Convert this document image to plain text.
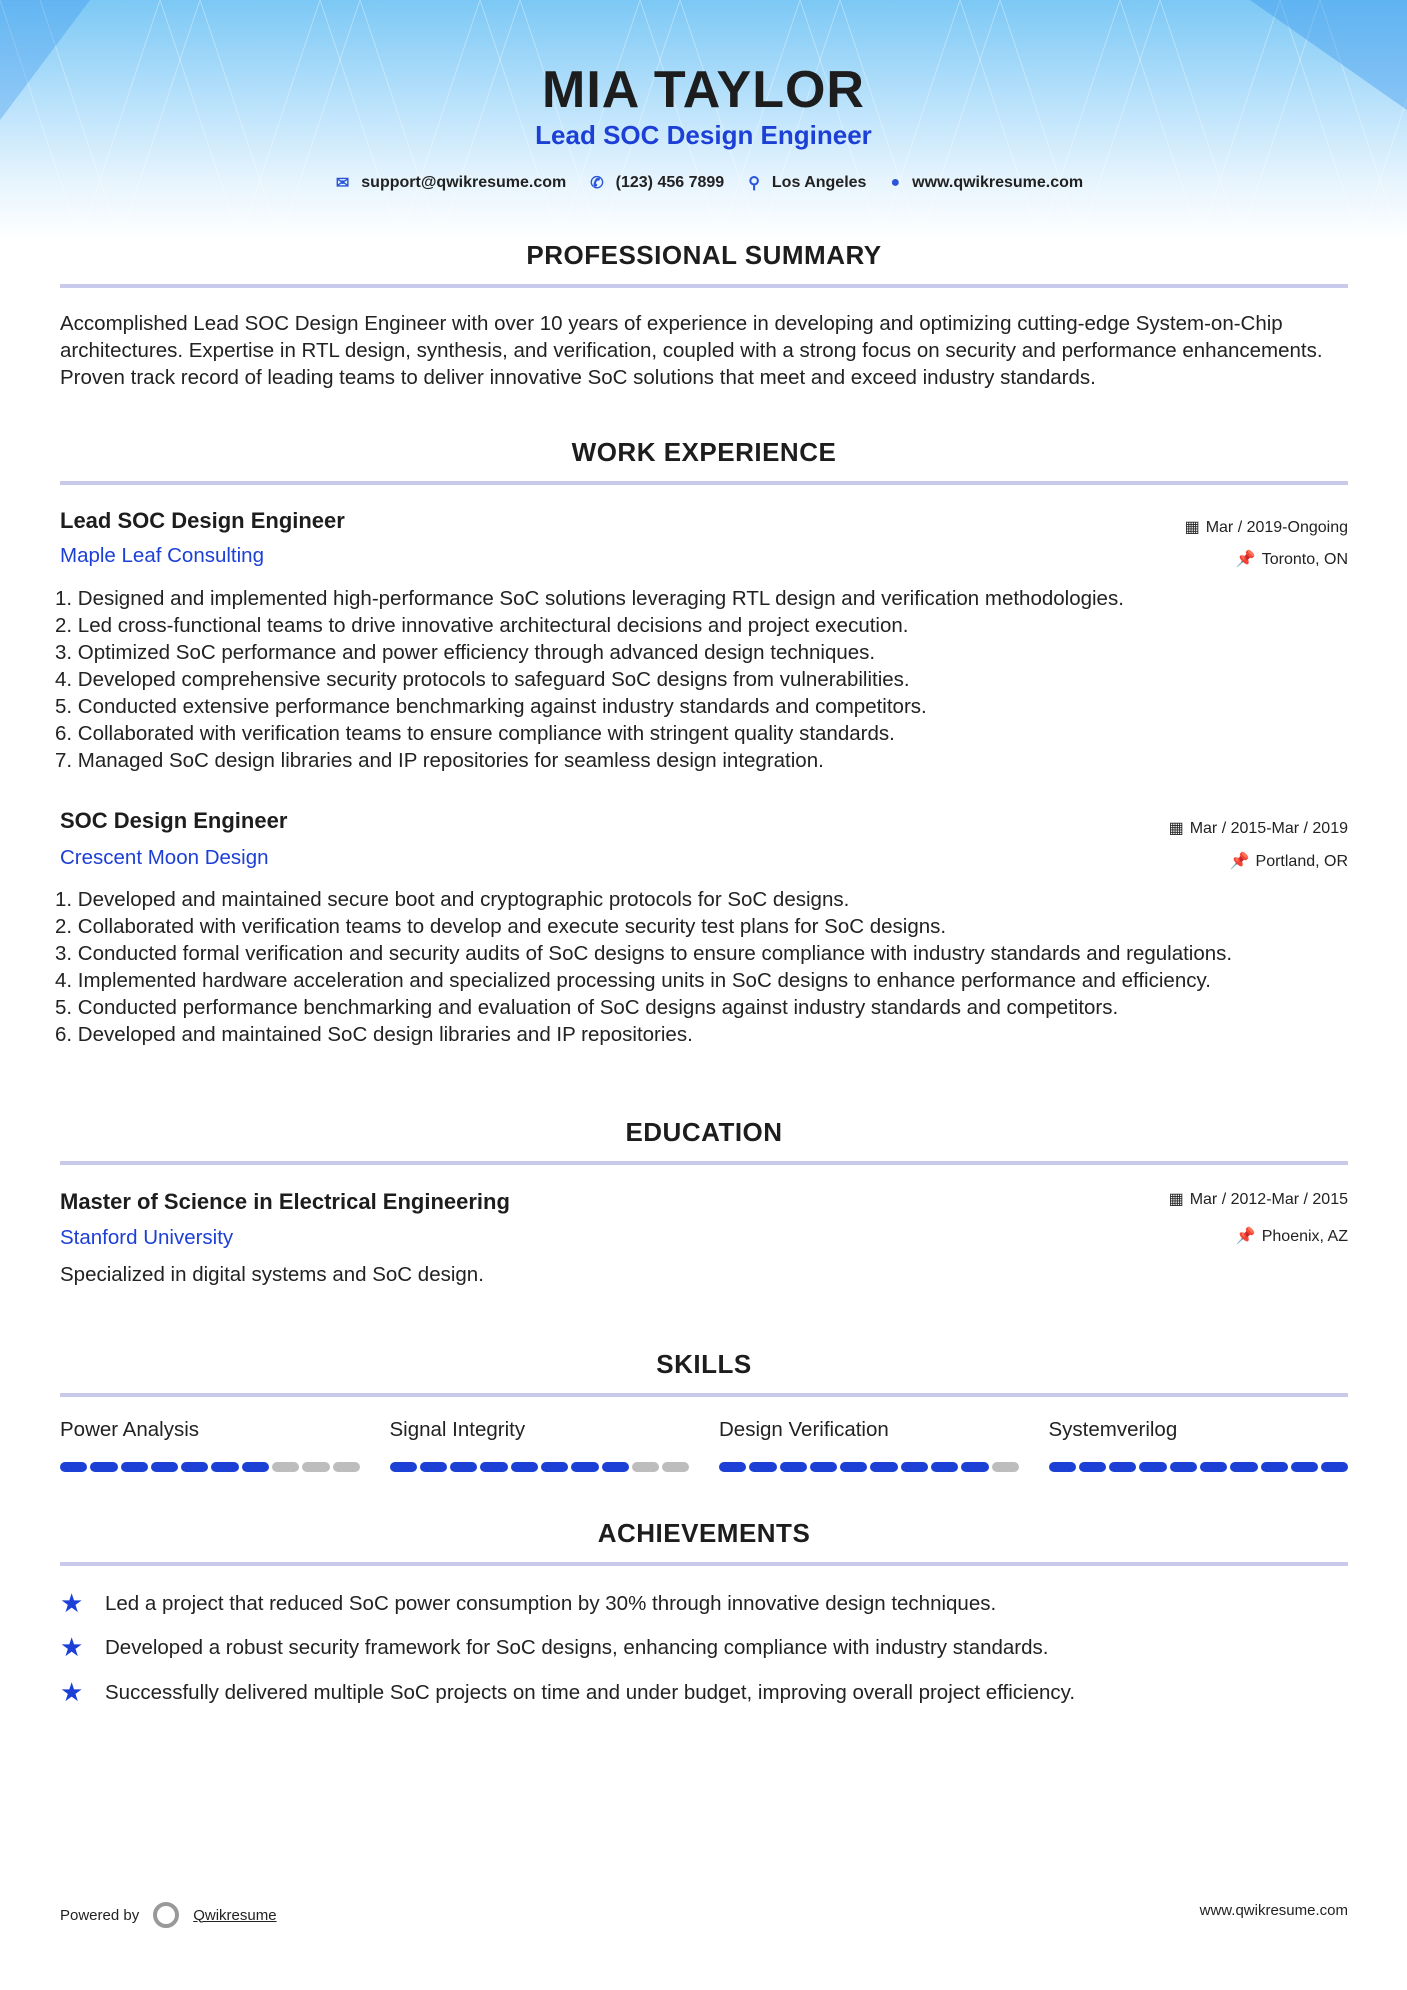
MIA TAYLOR
Lead SOC Design Engineer
✉ support@qwikresume.com ✆ (123) 456 7899 ⚲ Los Angeles ● www.qwikresume.com
PROFESSIONAL SUMMARY
Accomplished Lead SOC Design Engineer with over 10 years of experience in developing and optimizing cutting-edge System-on-Chip architectures. Expertise in RTL design, synthesis, and verification, coupled with a strong focus on security and performance enhancements. Proven track record of leading teams to deliver innovative SoC solutions that meet and exceed industry standards.
WORK EXPERIENCE
Lead SOC Design Engineer
Maple Leaf Consulting
▦ Mar / 2019-Ongoing
📌 Toronto, ON
1. Designed and implemented high-performance SoC solutions leveraging RTL design and verification methodologies.
2. Led cross-functional teams to drive innovative architectural decisions and project execution.
3. Optimized SoC performance and power efficiency through advanced design techniques.
4. Developed comprehensive security protocols to safeguard SoC designs from vulnerabilities.
5. Conducted extensive performance benchmarking against industry standards and competitors.
6. Collaborated with verification teams to ensure compliance with stringent quality standards.
7. Managed SoC design libraries and IP repositories for seamless design integration.
SOC Design Engineer
Crescent Moon Design
▦ Mar / 2015-Mar / 2019
📌 Portland, OR
1. Developed and maintained secure boot and cryptographic protocols for SoC designs.
2. Collaborated with verification teams to develop and execute security test plans for SoC designs.
3. Conducted formal verification and security audits of SoC designs to ensure compliance with industry standards and regulations.
4. Implemented hardware acceleration and specialized processing units in SoC designs to enhance performance and efficiency.
5. Conducted performance benchmarking and evaluation of SoC designs against industry standards and competitors.
6. Developed and maintained SoC design libraries and IP repositories.
EDUCATION
Master of Science in Electrical Engineering
Stanford University
▦ Mar / 2012-Mar / 2015
📌 Phoenix, AZ
Specialized in digital systems and SoC design.
SKILLS
Power Analysis	Signal Integrity	Design Verification	Systemverilog
ACHIEVEMENTS
★	Led a project that reduced SoC power consumption by 30% through innovative design techniques.
★	Developed a robust security framework for SoC designs, enhancing compliance with industry standards.
★	Successfully delivered multiple SoC projects on time and under budget, improving overall project efficiency.
Powered by	Qwikresume	www.qwikresume.com
